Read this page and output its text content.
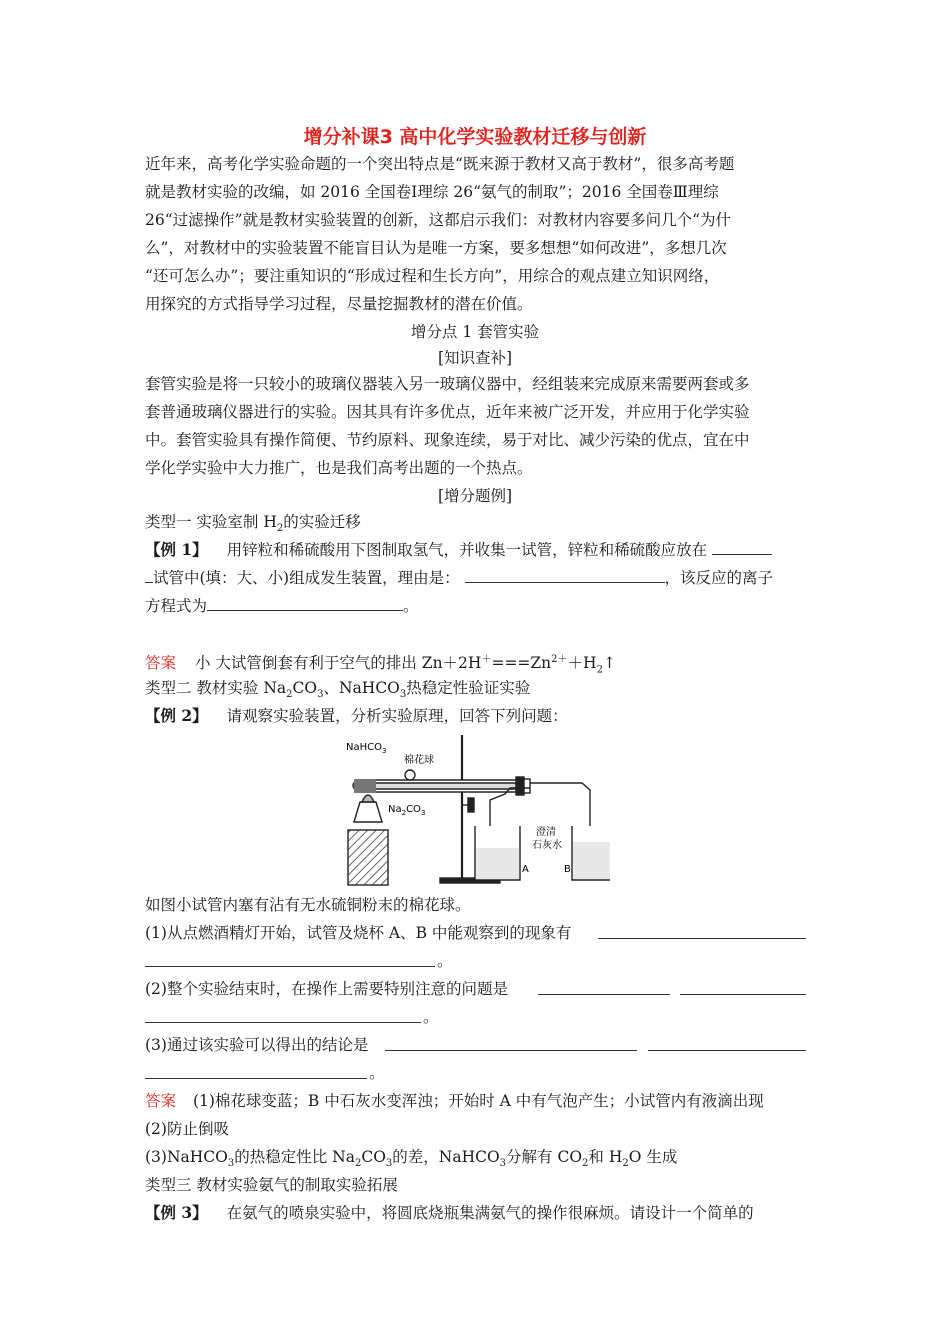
增分补课3 高中化学实验教材迁移与创新
近年来，高考化学实验命题的一个突出特点是“既来源于教材又高于教材”，很多高考题
就是教材实验的改编，如 2016 全国卷Ⅰ理综 26“氨气的制取”；2016 全国卷Ⅲ理综
26“过滤操作”就是教材实验装置的创新，这都启示我们：对教材内容要多问几个“为什
么”，对教材中的实验装置不能盲目认为是唯一方案，要多想想“如何改进”，多想几次
“还可怎么办”；要注重知识的“形成过程和生长方向”，用综合的观点建立知识网络，
用探究的方式指导学习过程，尽量挖掘教材的潜在价值。
增分点 1 套管实验
[知识查补]
套管实验是将一只较小的玻璃仪器装入另一玻璃仪器中，经组装来完成原来需要两套或多
套普通玻璃仪器进行的实验。因其具有许多优点，近年来被广泛开发，并应用于化学实验
中。套管实验具有操作简便、节约原料、现象连续，易于对比、减少污染的优点，宜在中
学化学实验中大力推广，也是我们高考出题的一个热点。
[增分题例]
类型一 实验室制 $H_2$的实验迁移
【例 1】 用锌粒和稀硫酸用下图制取氢气，并收集一试管，锌粒和稀硫酸应放在
试管中(填：大、小)组成发生装置，理由是：	，该反应的离子
方程式为	。
答案 小 大试管倒套有利于空气的排出 $Zn+2H^+===Zn^{2+}+H_2↑$
类型二 教材实验 $Na_2CO_3$、NaHCO$_3$热稳定性验证实验
【例 2】 请观察实验装置，分析实验原理，回答下列问题：
NaHCO$_3$
棉花球
$Na_2CO_3$
澄清
石灰水
A	B
如图小试管内塞有沾有无水硫铜粉末的棉花球。
(1)从点燃酒精灯开始，试管及烧杯 A、B 中能观察到的现象有
。
(2)整个实验结束时，在操作上需要特别注意的问题是
。
(3)通过该实验可以得出的结论是
。
答案 (1)棉花球变蓝；B 中石灰水变浑浊；开始时 A 中有气泡产生；小试管内有液滴出现
(2)防止倒吸
(3)NaHCO$_3$的热稳定性比 $Na_2CO_3$的差，NaHCO$_3$分解有 $CO_2$和 $H_2O$ 生成
类型三 教材实验氨气的制取实验拓展
【例 3】 在氨气的喷泉实验中，将圆底烧瓶集满氨气的操作很麻烦。请设计一个简单的
